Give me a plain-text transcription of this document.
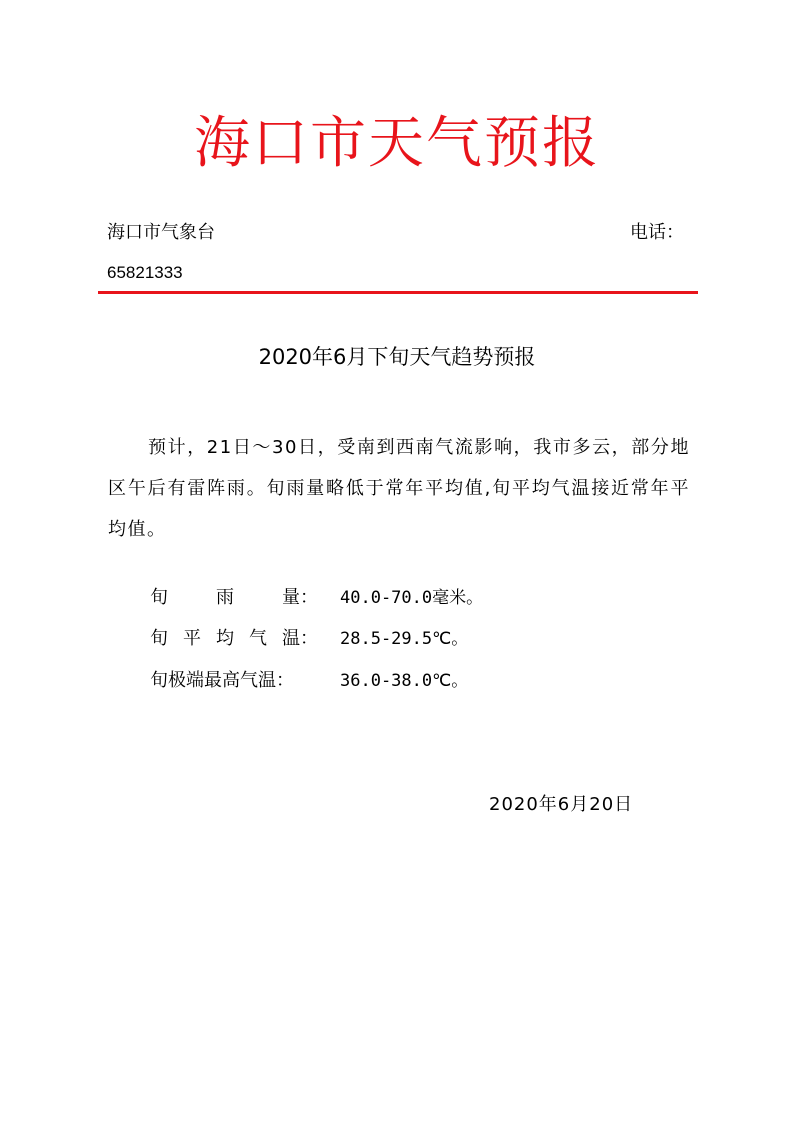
海口市天气预报
海口市气象台	电话：
65821333
2020年6月下旬天气趋势预报
预计，21日～30日，受南到西南气流影响，我市多云，部分地区午后有雷阵雨。旬雨量略低于常年平均值,旬平均气温接近常年平均值。
旬	雨	量： 40.0-70.0毫米。
旬 平 均 气 温： 28.5-29.5℃。
旬极端最高气温：	36.0-38.0℃。
2020年6月20日
